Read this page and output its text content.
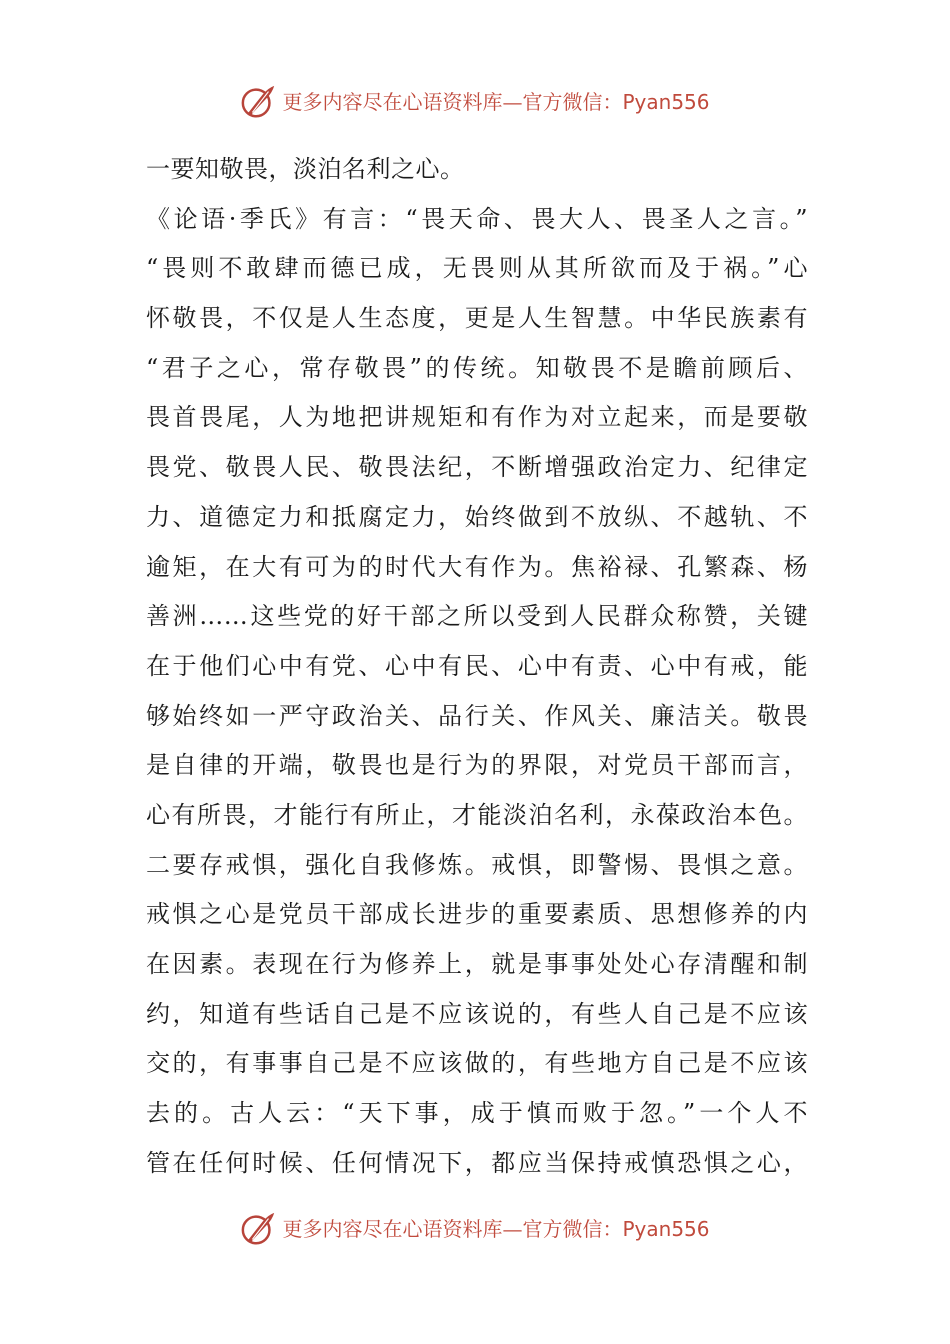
更多内容尽在心语资料库—官方微信：Pyan556
一要知敬畏，淡泊名利之心。
《论语·季氏》有言：“畏天命、畏大人、畏圣人之言。”
“畏则不敢肆而德已成，无畏则从其所欲而及于祸。”心
怀敬畏，不仅是人生态度，更是人生智慧。中华民族素有
“君子之心，常存敬畏”的传统。知敬畏不是瞻前顾后、
畏首畏尾，人为地把讲规矩和有作为对立起来，而是要敬
畏党、敬畏人民、敬畏法纪，不断增强政治定力、纪律定
力、道德定力和抵腐定力，始终做到不放纵、不越轨、不
逾矩，在大有可为的时代大有作为。焦裕禄、孔繁森、杨
善洲……这些党的好干部之所以受到人民群众称赞，关键
在于他们心中有党、心中有民、心中有责、心中有戒，能
够始终如一严守政治关、品行关、作风关、廉洁关。敬畏
是自律的开端，敬畏也是行为的界限，对党员干部而言，
心有所畏，才能行有所止，才能淡泊名利，永葆政治本色。
二要存戒惧，强化自我修炼。戒惧，即警惕、畏惧之意。
戒惧之心是党员干部成长进步的重要素质、思想修养的内
在因素。表现在行为修养上，就是事事处处心存清醒和制
约，知道有些话自己是不应该说的，有些人自己是不应该
交的，有事事自己是不应该做的，有些地方自己是不应该
去的。古人云：“天下事，成于慎而败于忽。”一个人不
管在任何时候、任何情况下，都应当保持戒慎恐惧之心，
更多内容尽在心语资料库—官方微信：Pyan556
